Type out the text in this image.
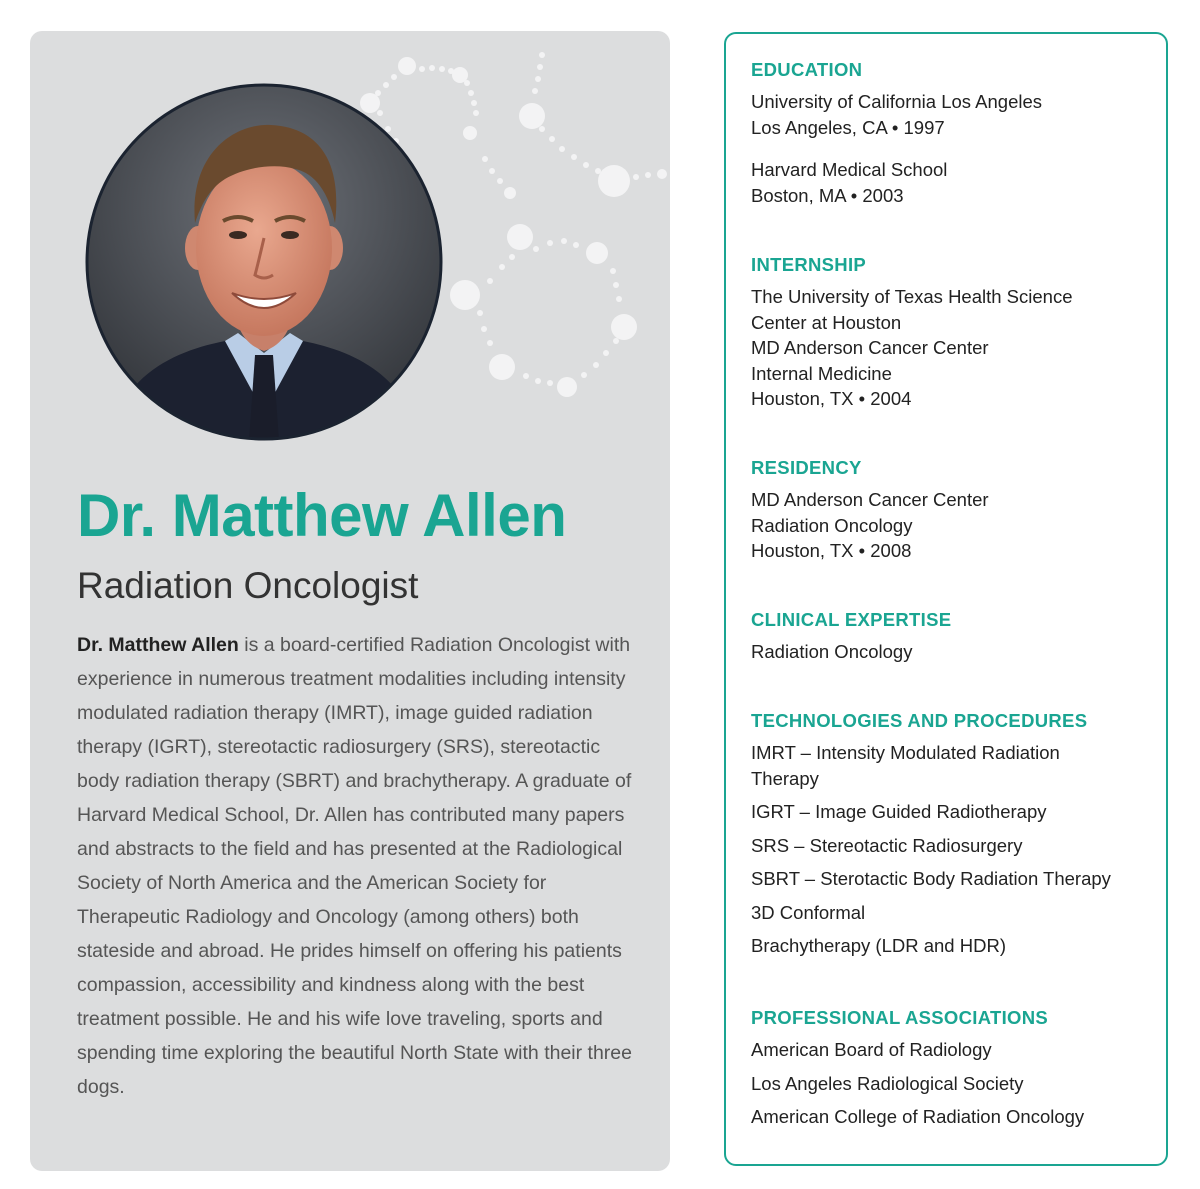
Dr. Matthew Allen
Radiation Oncologist

Dr. Matthew Allen is a board-certified Radiation Oncologist with experience in numerous treatment modalities including intensity modulated radiation therapy (IMRT), image guided radiation therapy (IGRT), stereotactic radiosurgery (SRS), stereotactic body radiation therapy (SBRT) and brachytherapy. A graduate of Harvard Medical School, Dr. Allen has contributed many papers and abstracts to the field and has presented at the Radiological Society of North America and the American Society for Therapeutic Radiology and Oncology (among others) both stateside and abroad. He prides himself on offering his patients compassion, accessibility and kindness along with the best treatment possible. He and his wife love traveling, sports and spending time exploring the beautiful North State with their three dogs.

EDUCATION
University of California Los Angeles
Los Angeles, CA • 1997
Harvard Medical School
Boston, MA • 2003
INTERNSHIP
The University of Texas Health Science
Center at Houston
MD Anderson Cancer Center
Internal Medicine
Houston, TX • 2004
RESIDENCY
MD Anderson Cancer Center
Radiation Oncology
Houston, TX • 2008
CLINICAL EXPERTISE
Radiation Oncology
TECHNOLOGIES AND PROCEDURES
IMRT – Intensity Modulated Radiation Therapy
IGRT – Image Guided Radiotherapy
SRS – Stereotactic Radiosurgery
SBRT – Sterotactic Body Radiation Therapy
3D Conformal
Brachytherapy (LDR and HDR)
PROFESSIONAL ASSOCIATIONS
American Board of Radiology
Los Angeles Radiological Society
American College of Radiation Oncology
